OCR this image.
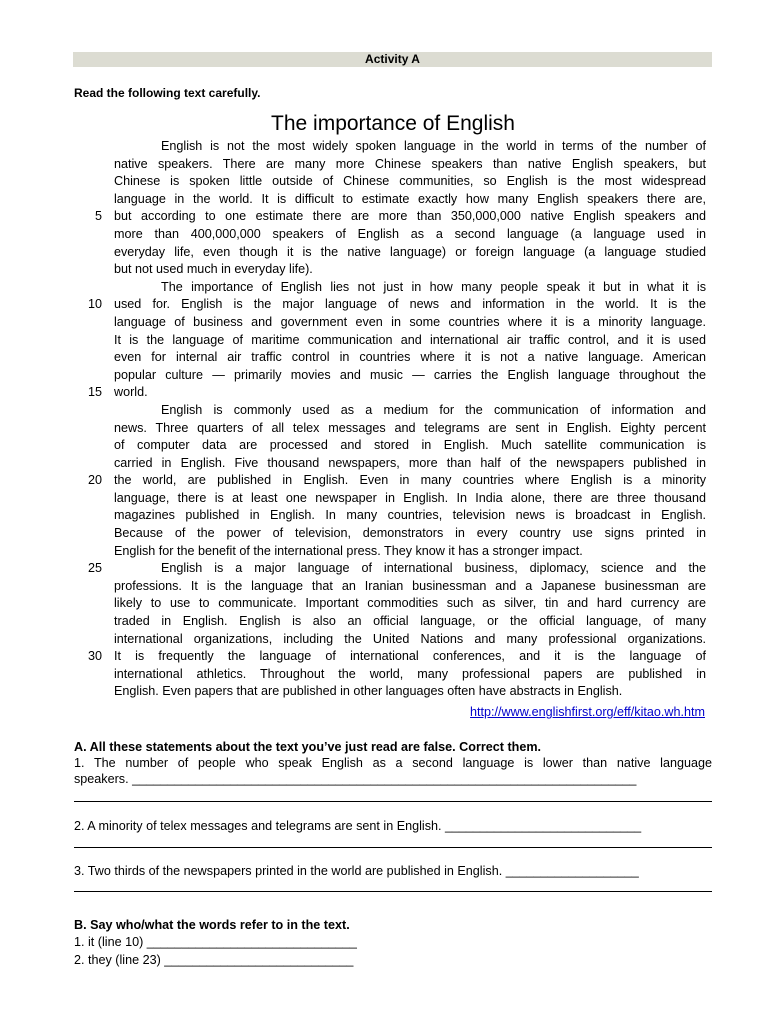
Activity A
Read the following text carefully.
The importance of English
English is not the most widely spoken language in the world in terms of the number of
native speakers. There are many more Chinese speakers than native English speakers, but
Chinese is spoken little outside of Chinese communities, so English is the most widespread
language in the world. It is difficult to estimate exactly how many English speakers there are,
but according to one estimate there are more than 350,000,000 native English speakers and
more than 400,000,000 speakers of English as a second language (a language used in
everyday life, even though it is the native language) or foreign language (a language studied
but not used much in everyday life).
The importance of English lies not just in how many people speak it but in what it is
used for. English is the major language of news and information in the world. It is the
language of business and government even in some countries where it is a minority language.
It is the language of maritime communication and international air traffic control, and it is used
even for internal air traffic control in countries where it is not a native language. American
popular culture — primarily movies and music — carries the English language throughout the
world.
English is commonly used as a medium for the communication of information and
news. Three quarters of all telex messages and telegrams are sent in English. Eighty percent
of computer data are processed and stored in English. Much satellite communication is
carried in English. Five thousand newspapers, more than half of the newspapers published in
the world, are published in English. Even in many countries where English is a minority
language, there is at least one newspaper in English. In India alone, there are three thousand
magazines published in English. In many countries, television news is broadcast in English.
Because of the power of television, demonstrators in every country use signs printed in
English for the benefit of the international press. They know it has a stronger impact.
English is a major language of international business, diplomacy, science and the
professions. It is the language that an Iranian businessman and a Japanese businessman are
likely to use to communicate. Important commodities such as silver, tin and hard currency are
traded in English. English is also an official language, or the official language, of many
international organizations, including the United Nations and many professional organizations.
It is frequently the language of international conferences, and it is the language of
international athletics. Throughout the world, many professional papers are published in
English. Even papers that are published in other languages often have abstracts in English.
5
10
15
20
25
30
http://www.englishfirst.org/eff/kitao.wh.htm
A. All these statements about the text you’ve just read are false. Correct them.
1. The number of people who speak English as a second language is lower than native language
speakers. ________________________________________________________________________
2. A minority of telex messages and telegrams are sent in English. ____________________________
3. Two thirds of the newspapers printed in the world are published in English. ___________________
B. Say who/what the words refer to in the text.
1. it (line 10) ______________________________
2. they (line 23) ___________________________
